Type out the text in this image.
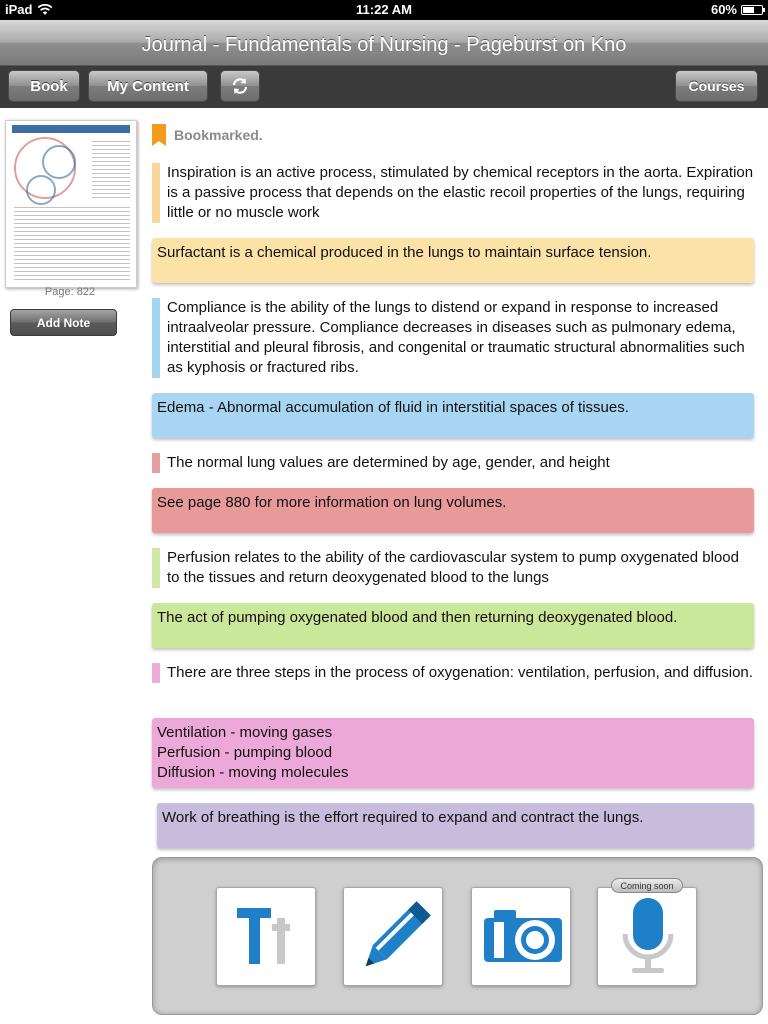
iPad	11:22 AM	60%
Journal - Fundamentals of Nursing - Pageburst on Kno
Book	My Content	Courses
Page: 822
Add Note
Bookmarked.
Inspiration is an active process, stimulated by chemical receptors in the aorta. Expiration is a passive process that depends on the elastic recoil properties of the lungs, requiring little or no muscle work
Surfactant is a chemical produced in the lungs to maintain surface tension.
Compliance is the ability of the lungs to distend or expand in response to increased intraalveolar pressure. Compliance decreases in diseases such as pulmonary edema, interstitial and pleural fibrosis, and congenital or traumatic structural abnormalities such as kyphosis or fractured ribs.
Edema - Abnormal accumulation of fluid in interstitial spaces of tissues.
The normal lung values are determined by age, gender, and height
See page 880 for more information on lung volumes.
Perfusion relates to the ability of the cardiovascular system to pump oxygenated blood to the tissues and return deoxygenated blood to the lungs
The act of pumping oxygenated blood and then returning deoxygenated blood.
There are three steps in the process of oxygenation: ventilation, perfusion, and diffusion.
Ventilation - moving gases
Perfusion - pumping blood
Diffusion - moving molecules
Work of breathing is the effort required to expand and contract the lungs.
Coming soon
